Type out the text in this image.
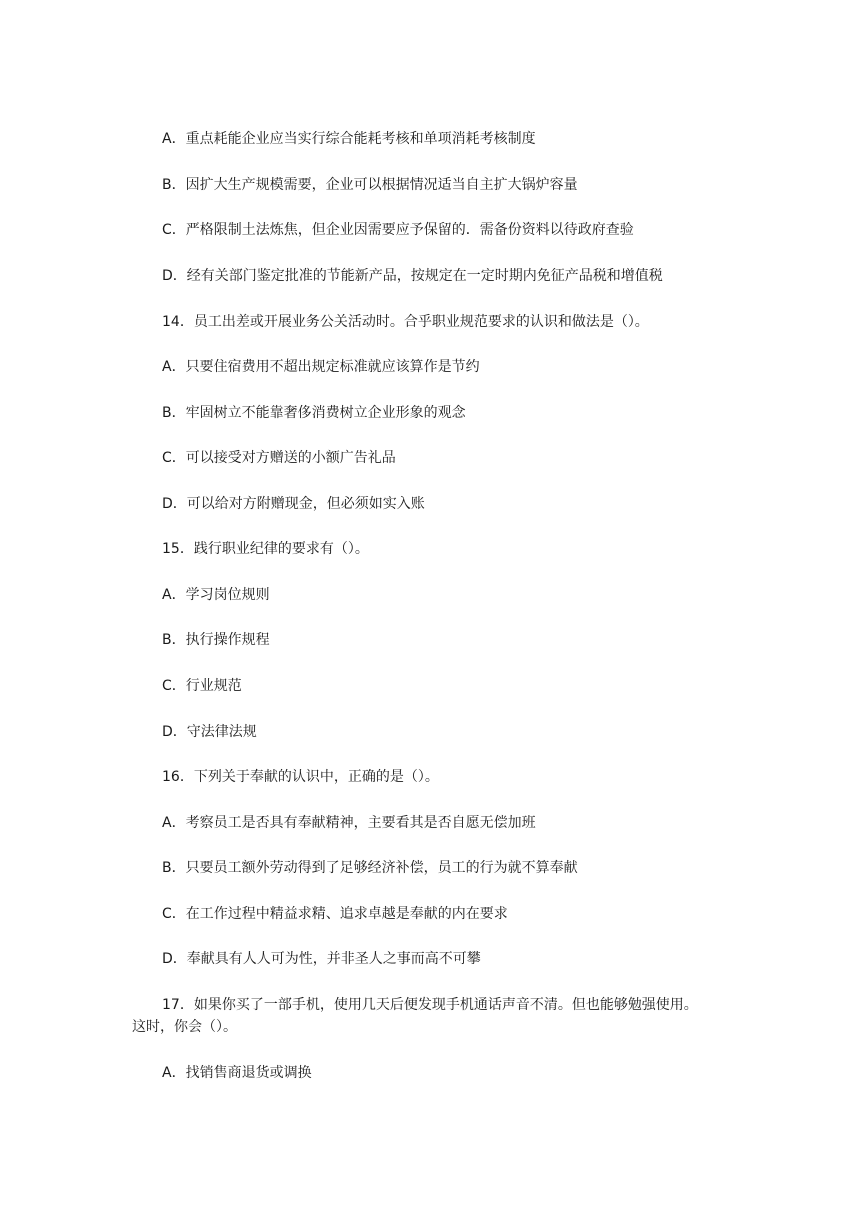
A．重点耗能企业应当实行综合能耗考核和单项消耗考核制度
B．因扩大生产规模需要，企业可以根据情况适当自主扩大锅炉容量
C．严格限制土法炼焦，但企业因需要应予保留的．需备份资料以待政府查验
D．经有关部门鉴定批准的节能新产品，按规定在一定时期内免征产品税和增值税
14．员工出差或开展业务公关活动时。合乎职业规范要求的认识和做法是（）。
A．只要住宿费用不超出规定标准就应该算作是节约
B．牢固树立不能靠奢侈消费树立企业形象的观念
C．可以接受对方赠送的小额广告礼品
D．可以给对方附赠现金，但必须如实入账
15．践行职业纪律的要求有（）。
A．学习岗位规则
B．执行操作规程
C．行业规范
D．守法律法规
16．下列关于奉献的认识中，正确的是（）。
A．考察员工是否具有奉献精神，主要看其是否自愿无偿加班
B．只要员工额外劳动得到了足够经济补偿，员工的行为就不算奉献
C．在工作过程中精益求精、追求卓越是奉献的内在要求
D．奉献具有人人可为性，并非圣人之事而高不可攀
17．如果你买了一部手机，使用几天后便发现手机通话声音不清。但也能够勉强使用。
这时，你会（）。
A．找销售商退货或调换
